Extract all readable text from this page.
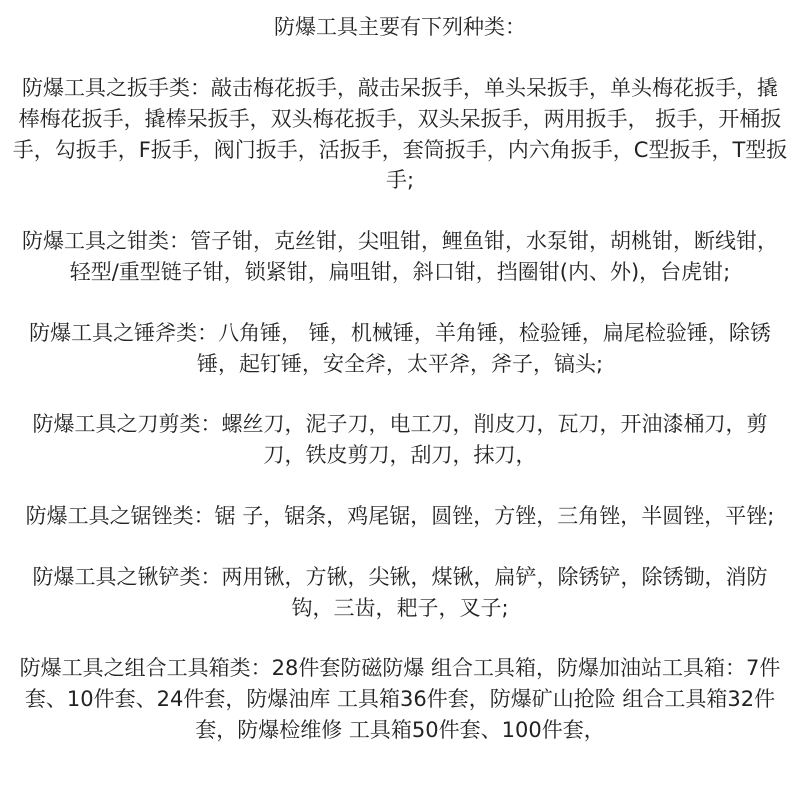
防爆工具主要有下列种类：

防爆工具之扳手类：敲击梅花扳手，敲击呆扳手，单头呆扳手，单头梅花扳手，撬棒梅花扳手，撬棒呆扳手，双头梅花扳手，双头呆扳手，两用扳手， 扳手，开桶扳手，勾扳手，F扳手，阀门扳手，活扳手，套筒扳手，内六角扳手，C型扳手，T型扳手;

防爆工具之钳类：管子钳，克丝钳，尖咀钳，鲤鱼钳，水泵钳，胡桃钳，断线钳，轻型/重型链子钳，锁紧钳，扁咀钳，斜口钳，挡圈钳(内、外)，台虎钳;

防爆工具之锤斧类：八角锤， 锤，机械锤，羊角锤，检验锤，扁尾检验锤，除锈锤，起钉锤，安全斧，太平斧，斧子，镐头;

防爆工具之刀剪类：螺丝刀，泥子刀，电工刀，削皮刀，瓦刀，开油漆桶刀，剪刀，铁皮剪刀，刮刀，抹刀，

防爆工具之锯锉类：锯 子，锯条，鸡尾锯，圆锉，方锉，三角锉，半圆锉，平锉;

防爆工具之锹铲类：两用锹，方锹，尖锹，煤锹，扁铲，除锈铲，除锈锄，消防钩，三齿，耙子，叉子;

防爆工具之组合工具箱类：28件套防磁防爆 组合工具箱，防爆加油站工具箱：7件套、10件套、24件套，防爆油库 工具箱36件套，防爆矿山抢险 组合工具箱32件套，防爆检维修 工具箱50件套、100件套，
